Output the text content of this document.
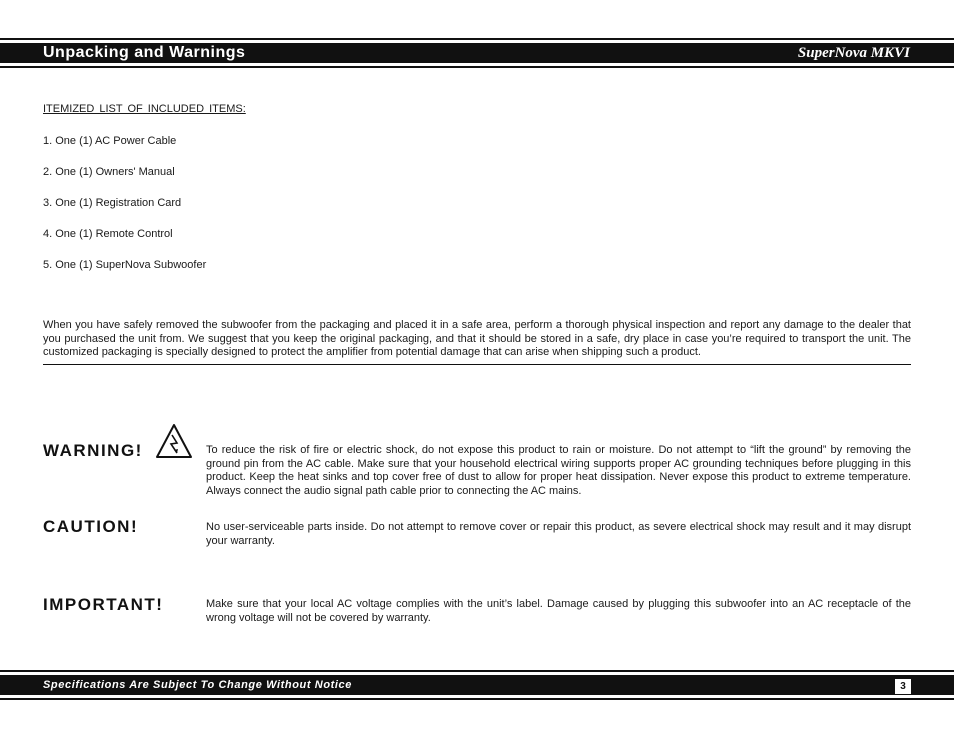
Unpacking and Warnings	SuperNova MKVI
ITEMIZED LIST OF INCLUDED ITEMS:
1. One (1) AC Power Cable
2. One (1) Owners' Manual
3. One (1) Registration Card
4. One (1) Remote Control
5. One (1) SuperNova Subwoofer

When you have safely removed the subwoofer from the packaging and placed it in a safe area, perform a thorough physical inspection and report any damage to the dealer that you purchased the unit from. We suggest that you keep the original packaging, and that it should be stored in a safe, dry place in case you’re required to transport the unit. The customized packaging is specially designed to protect the amplifier from potential damage that can arise when shipping such a product.

WARNING!	To reduce the risk of fire or electric shock, do not expose this product to rain or moisture. Do not attempt to “lift the ground” by removing the ground pin from the AC cable. Make sure that your household electrical wiring supports proper AC grounding techniques before plugging in this product. Keep the heat sinks and top cover free of dust to allow for proper heat dissipation. Never expose this product to extreme temperature. Always connect the audio signal path cable prior to connecting the AC mains.

CAUTION!	No user-serviceable parts inside. Do not attempt to remove cover or repair this product, as severe electrical shock may result and it may disrupt your warranty.

IMPORTANT!	Make sure that your local AC voltage complies with the unit’s label. Damage caused by plugging this subwoofer into an AC receptacle of the wrong voltage will not be covered by warranty.

Specifications Are Subject To Change Without Notice	3
